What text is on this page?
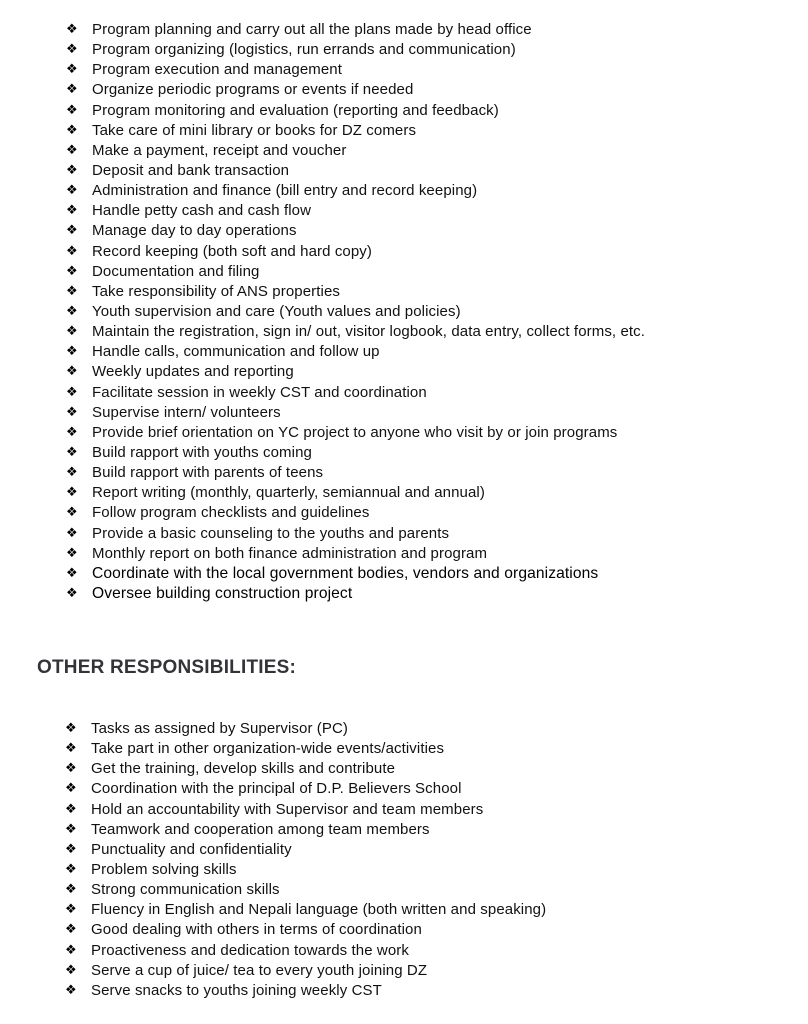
❖ Program planning and carry out all the plans made by head office
❖ Program organizing (logistics, run errands and communication)
❖ Program execution and management
❖ Organize periodic programs or events if needed
❖ Program monitoring and evaluation (reporting and feedback)
❖ Take care of mini library or books for DZ comers
❖ Make a payment, receipt and voucher
❖ Deposit and bank transaction
❖ Administration and finance (bill entry and record keeping)
❖ Handle petty cash and cash flow
❖ Manage day to day operations
❖ Record keeping (both soft and hard copy)
❖ Documentation and filing
❖ Take responsibility of ANS properties
❖ Youth supervision and care (Youth values and policies)
❖ Maintain the registration, sign in/ out, visitor logbook, data entry, collect forms, etc.
❖ Handle calls, communication and follow up
❖ Weekly updates and reporting
❖ Facilitate session in weekly CST and coordination
❖ Supervise intern/ volunteers
❖ Provide brief orientation on YC project to anyone who visit by or join programs
❖ Build rapport with youths coming
❖ Build rapport with parents of teens
❖ Report writing (monthly, quarterly, semiannual and annual)
❖ Follow program checklists and guidelines
❖ Provide a basic counseling to the youths and parents
❖ Monthly report on both finance administration and program
❖ Coordinate with the local government bodies, vendors and organizations
❖ Oversee building construction project
OTHER RESPONSIBILITIES:
❖ Tasks as assigned by Supervisor (PC)
❖ Take part in other organization-wide events/activities
❖ Get the training, develop skills and contribute
❖ Coordination with the principal of D.P. Believers School
❖ Hold an accountability with Supervisor and team members
❖ Teamwork and cooperation among team members
❖ Punctuality and confidentiality
❖ Problem solving skills
❖ Strong communication skills
❖ Fluency in English and Nepali language (both written and speaking)
❖ Good dealing with others in terms of coordination
❖ Proactiveness and dedication towards the work
❖ Serve a cup of juice/ tea to every youth joining DZ
❖ Serve snacks to youths joining weekly CST
